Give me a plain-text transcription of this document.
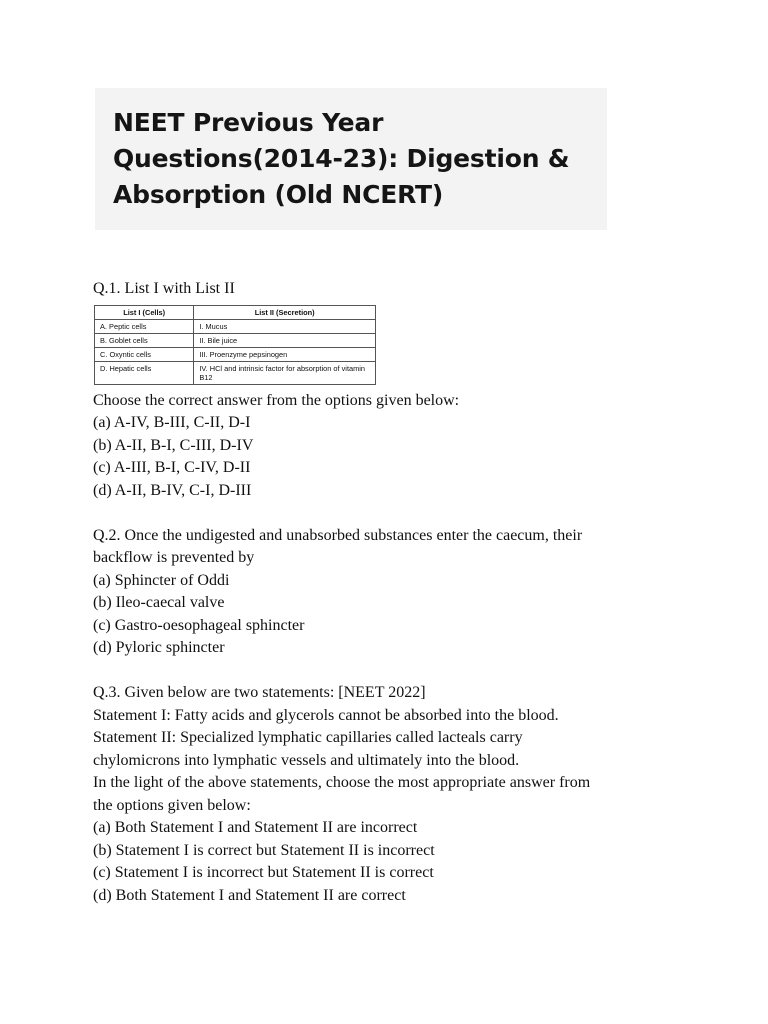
NEET Previous Year
Questions(2014-23): Digestion &
Absorption (Old NCERT)
Q.1. List I with List II
List I (Cells)	List II (Secretion)
A. Peptic cells	I. Mucus
B. Goblet cells	II. Bile juice
C. Oxyntic cells	III. Proenzyme pepsinogen
D. Hepatic cells	IV. HCl and intrinsic factor for absorption of vitamin B12
Choose the correct answer from the options given below:
(a) A-IV, B-III, C-II, D-I
(b) A-II, B-I, C-III, D-IV
(c) A-III, B-I, C-IV, D-II
(d) A-II, B-IV, C-I, D-III
Q.2. Once the undigested and unabsorbed substances enter the caecum, their
backflow is prevented by
(a) Sphincter of Oddi
(b) Ileo-caecal valve
(c) Gastro-oesophageal sphincter
(d) Pyloric sphincter
Q.3. Given below are two statements: [NEET 2022]
Statement I: Fatty acids and glycerols cannot be absorbed into the blood.
Statement II: Specialized lymphatic capillaries called lacteals carry
chylomicrons into lymphatic vessels and ultimately into the blood.
In the light of the above statements, choose the most appropriate answer from
the options given below:
(a) Both Statement I and Statement II are incorrect
(b) Statement I is correct but Statement II is incorrect
(c) Statement I is incorrect but Statement II is correct
(d) Both Statement I and Statement II are correct
